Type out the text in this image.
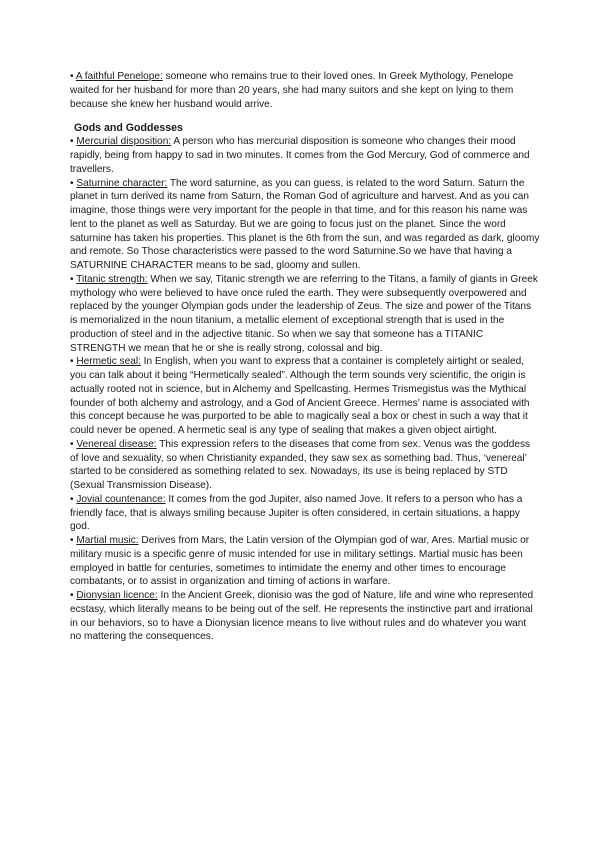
• A faithful Penelope: someone who remains true to their loved ones. In Greek Mythology, Penelope waited for her husband for more than 20 years, she had many suitors and she kept on lying to them because she knew her husband would arrive.

Gods and Goddesses

• Mercurial disposition: A person who has mercurial disposition is someone who changes their mood rapidly, being from happy to sad in two minutes. It comes from the God Mercury, God of commerce and travellers.

• Saturnine character: The word saturnine, as you can guess, is related to the word Saturn. Saturn the planet in turn derived its name from Saturn, the Roman God of agriculture and harvest. And as you can imagine, those things were very important for the people in that time, and for this reason his name was lent to the planet as well as Saturday. But we are going to focus just on the planet. Since the word saturnine has taken his properties. This planet is the 6th from the sun, and was regarded as dark, gloomy and remote. So Those characteristics were passed to the word Saturnine.So we have that having a SATURNINE CHARACTER means to be sad, gloomy and sullen.

• Titanic strength: When we say, Titanic strength we are referring to the Titans, a family of giants in Greek mythology who were believed to have once ruled the earth. They were subsequently overpowered and replaced by the younger Olympian gods under the leadership of Zeus. The size and power of the Titans is memorialized in the noun titanium, a metallic element of exceptional strength that is used in the production of steel and in the adjective titanic. So when we say that someone has a TITANIC STRENGTH we mean that he or she is really strong, colossal and big.

• Hermetic seal: In English, when you want to express that a container is completely airtight or sealed, you can talk about it being “Hermetically sealed”. Although the term sounds very scientific, the origin is actually rooted not in science, but in Alchemy and Spellcasting. Hermes Trismegistus was the Mythical founder of both alchemy and astrology, and a God of Ancient Greece. Hermes’ name is associated with this concept because he was purported to be able to magically seal a box or chest in such a way that it could never be opened. A hermetic seal is any type of sealing that makes a given object airtight.

• Venereal disease: This expression refers to the diseases that come from sex. Venus was the goddess of love and sexuality, so when Christianity expanded, they saw sex as something bad. Thus, ‘venereal’ started to be considered as something related to sex. Nowadays, its use is being replaced by STD (Sexual Transmission Disease).

• Jovial countenance: It comes from the god Jupiter, also named Jove. It refers to a person who has a friendly face, that is always smiling because Jupiter is often considered, in certain situations, a happy god.

• Martial music: Derives from Mars, the Latin version of the Olympian god of war, Ares. Martial music or military music is a specific genre of music intended for use in military settings. Martial music has been employed in battle for centuries, sometimes to intimidate the enemy and other times to encourage combatants, or to assist in organization and timing of actions in warfare.

• Dionysian licence: In the Ancient Greek, dionisio was the god of Nature, life and wine who represented ecstasy, which literally means to be being out of the self. He represents the instinctive part and irrational in our behaviors, so to have a Dionysian licence means to live without rules and do whatever you want no mattering the consequences.
